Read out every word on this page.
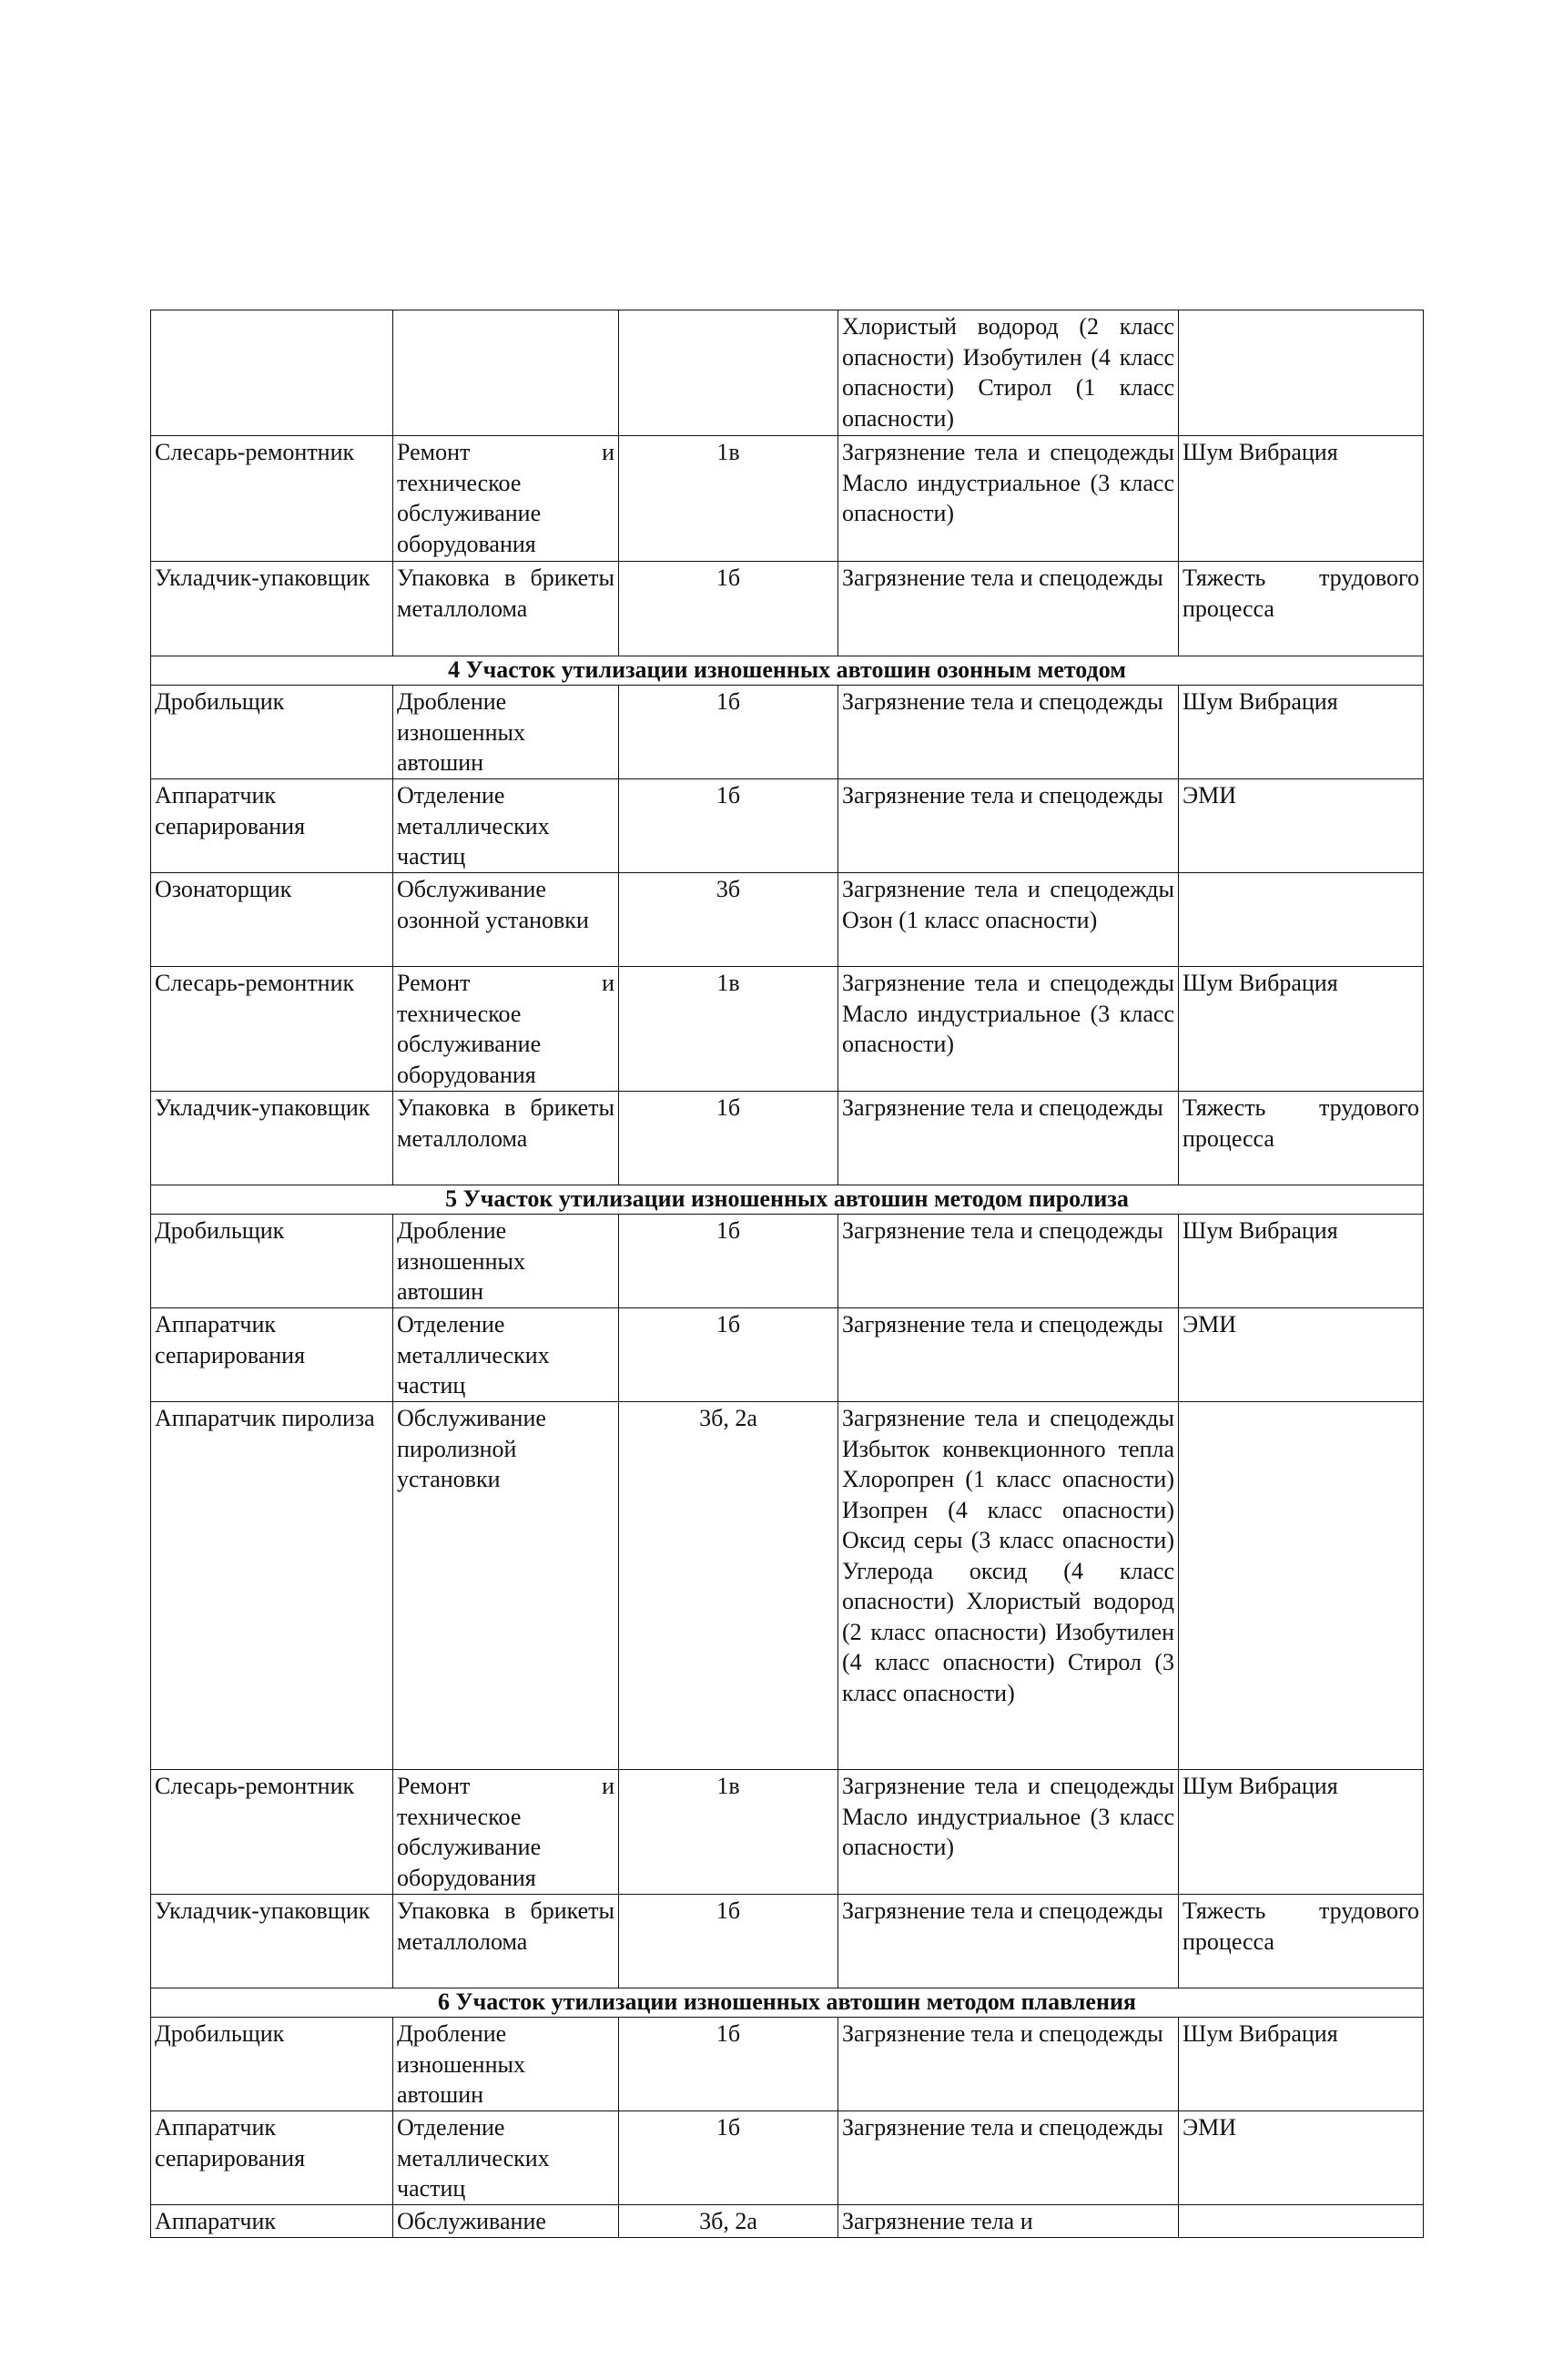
			Хлористый водород (2 класс опасности) Изобутилен (4 класс опасности) Стирол (1 класс опасности)	
Слесарь-ремонтник	Ремонт и техническое обслуживание оборудования	1в	Загрязнение тела и спецодежды Масло индустриальное (3 класс опасности)	Шум Вибрация
Укладчик-упаковщик	Упаковка в брикеты металлолома	1б	Загрязнение тела и спецодежды	Тяжесть трудового процесса
4 Участок утилизации изношенных автошин озонным методом				
Дробильщик	Дробление изношенных автошин	1б	Загрязнение тела и спецодежды	Шум Вибрация
Аппаратчик сепарирования	Отделение металлических частиц	1б	Загрязнение тела и спецодежды	ЭМИ
Озонаторщик	Обслуживание озонной установки	3б	Загрязнение тела и спецодежды Озон (1 класс опасности)	
Слесарь-ремонтник	Ремонт и техническое обслуживание оборудования	1в	Загрязнение тела и спецодежды Масло индустриальное (3 класс опасности)	Шум Вибрация
Укладчик-упаковщик	Упаковка в брикеты металлолома	1б	Загрязнение тела и спецодежды	Тяжесть трудового процесса
5 Участок утилизации изношенных автошин методом пиролиза				
Дробильщик	Дробление изношенных автошин	1б	Загрязнение тела и спецодежды	Шум Вибрация
Аппаратчик сепарирования	Отделение металлических частиц	1б	Загрязнение тела и спецодежды	ЭМИ
Аппаратчик пиролиза	Обслуживание пиролизной установки	3б, 2а	Загрязнение тела и спецодежды Избыток конвекционного тепла Хлоропрен (1 класс опасности) Изопрен (4 класс опасности) Оксид серы (3 класс опасности) Углерода оксид (4 класс опасности) Хлористый водород (2 класс опасности) Изобутилен (4 класс опасности) Стирол (3 класс опасности)	
Слесарь-ремонтник	Ремонт и техническое обслуживание оборудования	1в	Загрязнение тела и спецодежды Масло индустриальное (3 класс опасности)	Шум Вибрация
Укладчик-упаковщик	Упаковка в брикеты металлолома	1б	Загрязнение тела и спецодежды	Тяжесть трудового процесса
6 Участок утилизации изношенных автошин методом плавления				
Дробильщик	Дробление изношенных автошин	1б	Загрязнение тела и спецодежды	Шум Вибрация
Аппаратчик сепарирования	Отделение металлических частиц	1б	Загрязнение тела и спецодежды	ЭМИ
Аппаратчик	Обслуживание	3б, 2а	Загрязнение тела и	
